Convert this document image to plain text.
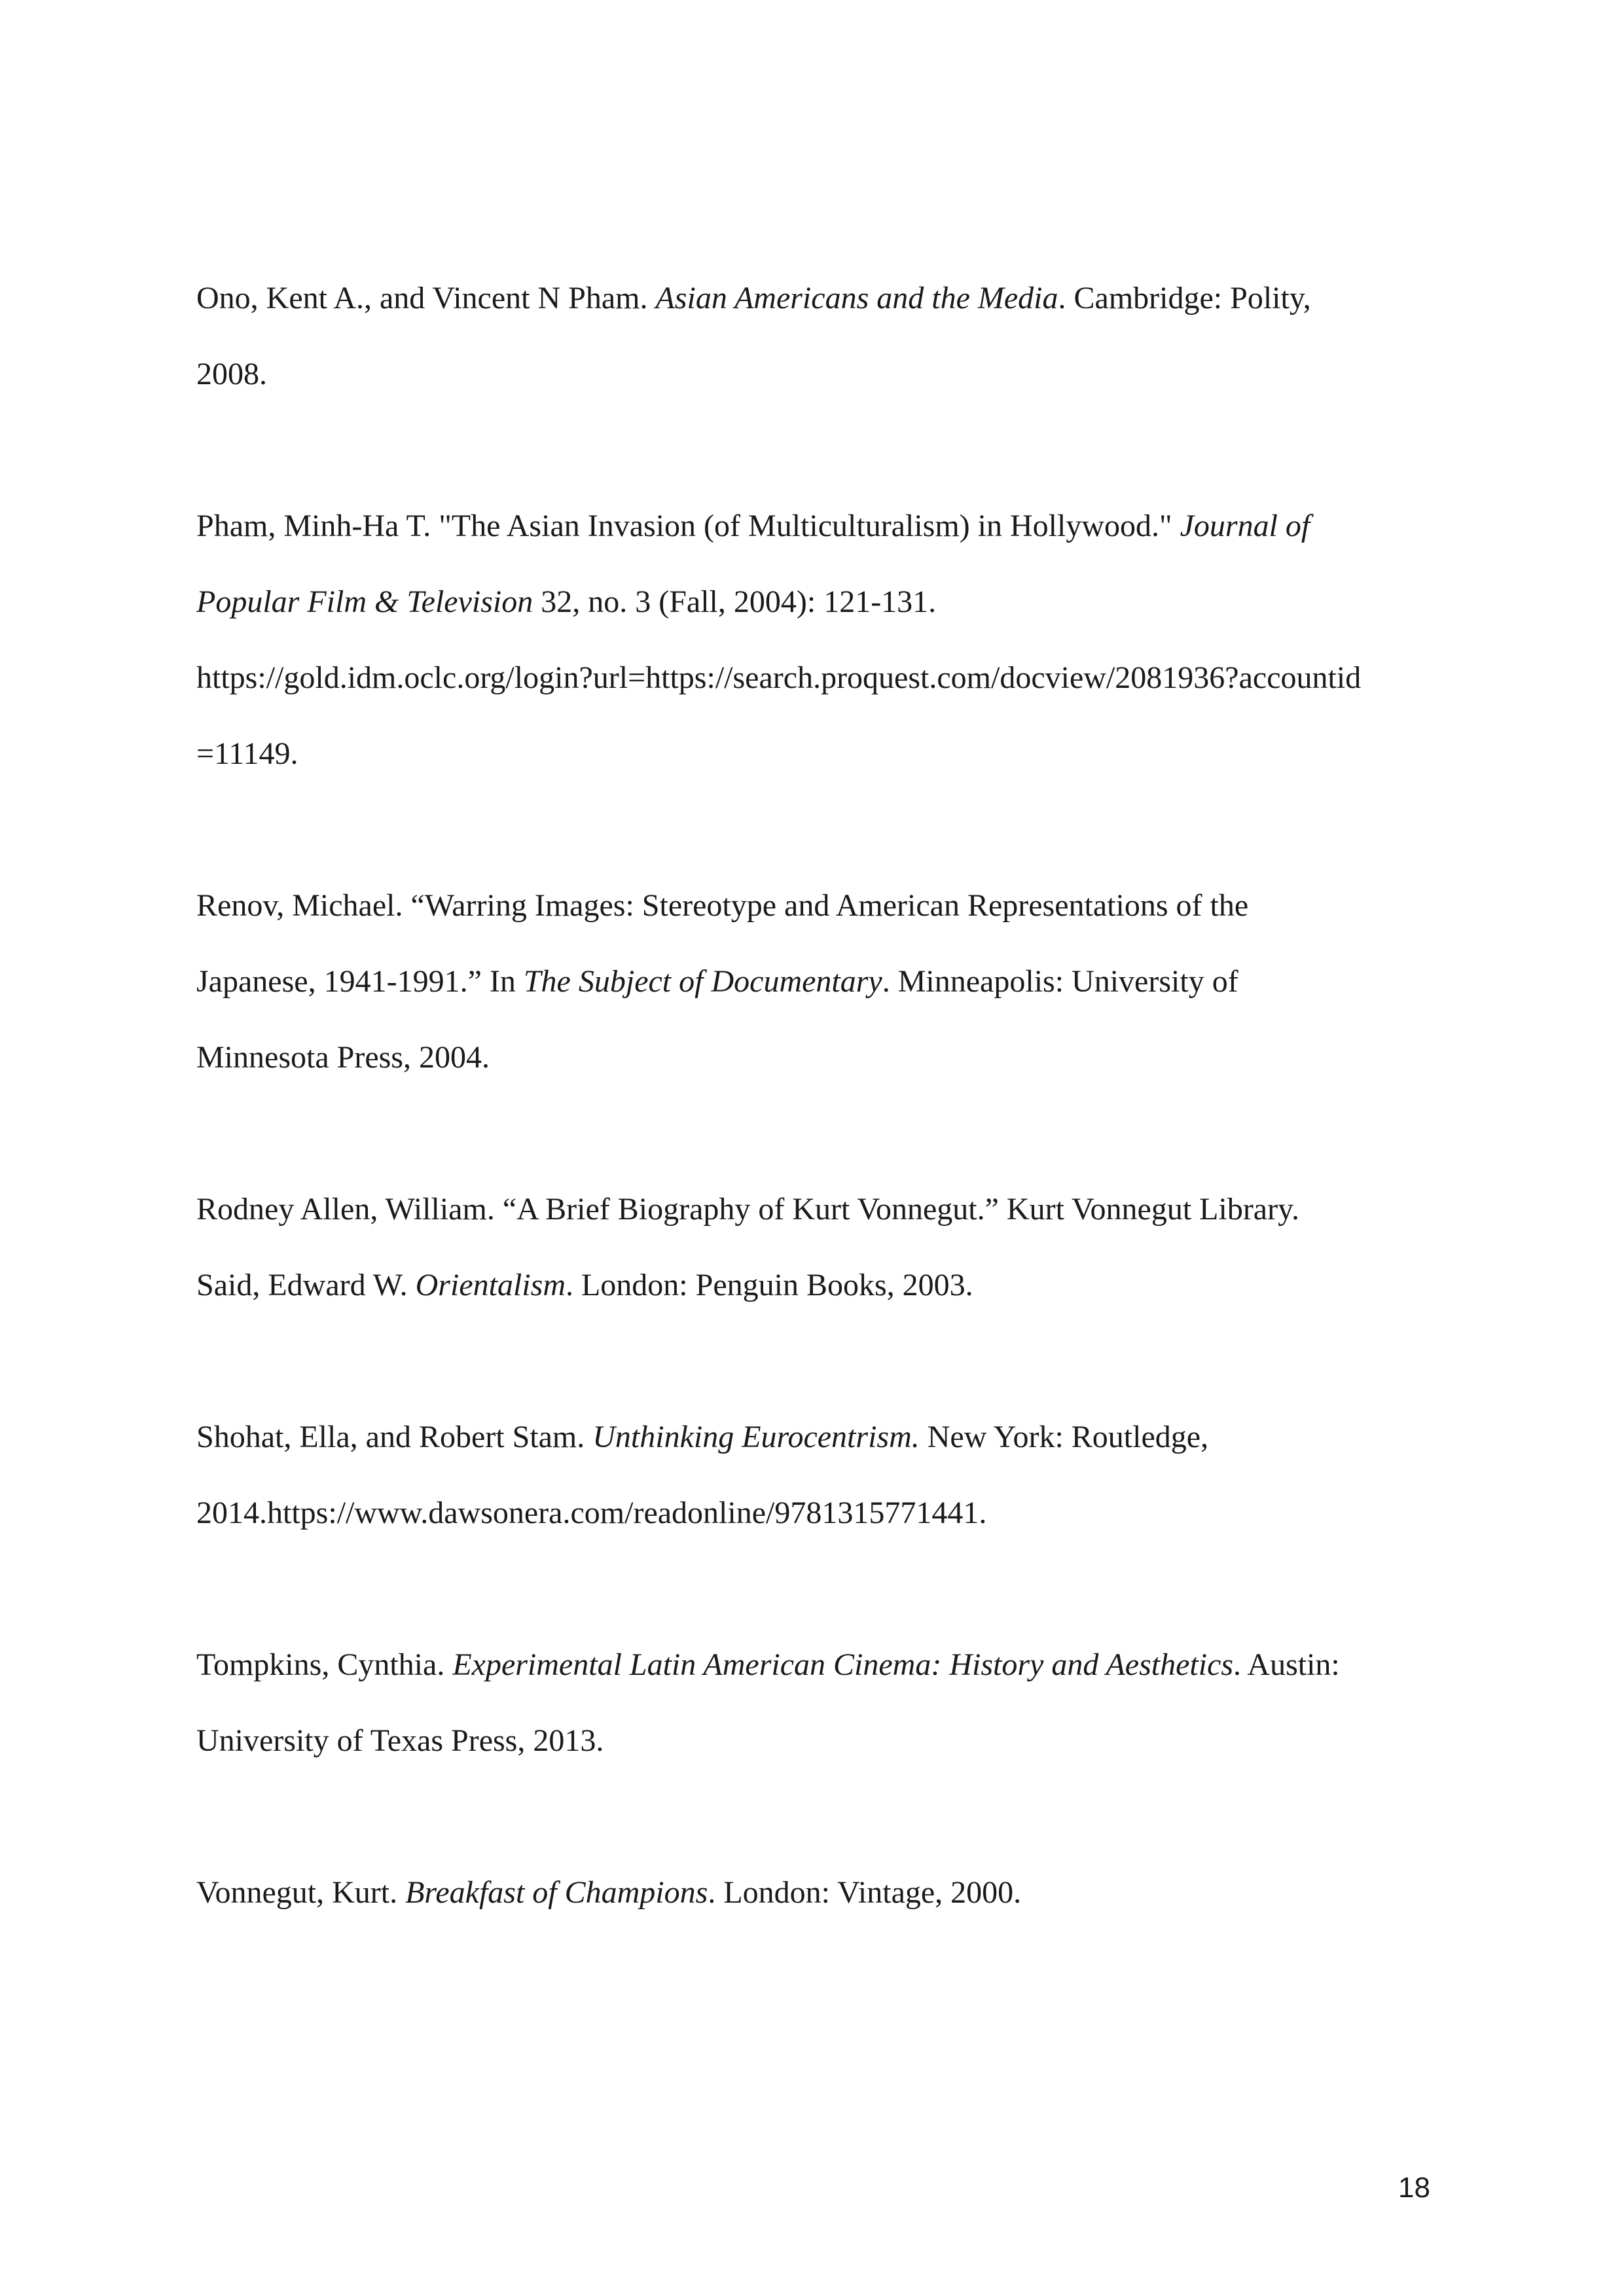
Ono, Kent A., and Vincent N Pham. Asian Americans and the Media. Cambridge: Polity,
2008.
Pham, Minh-Ha T. "The Asian Invasion (of Multiculturalism) in Hollywood." Journal of
Popular Film & Television 32, no. 3 (Fall, 2004): 121-131.
https://gold.idm.oclc.org/login?url=https://search.proquest.com/docview/2081936?accountid
=11149.
Renov, Michael. “Warring Images: Stereotype and American Representations of the
Japanese, 1941-1991.” In The Subject of Documentary. Minneapolis: University of
Minnesota Press, 2004.
Rodney Allen, William. “A Brief Biography of Kurt Vonnegut.” Kurt Vonnegut Library.
Said, Edward W. Orientalism. London: Penguin Books, 2003.
Shohat, Ella, and Robert Stam. Unthinking Eurocentrism. New York: Routledge,
2014.https://www.dawsonera.com/readonline/9781315771441.
Tompkins, Cynthia. Experimental Latin American Cinema: History and Aesthetics. Austin:
University of Texas Press, 2013.
Vonnegut, Kurt. Breakfast of Champions. London: Vintage, 2000.
18
